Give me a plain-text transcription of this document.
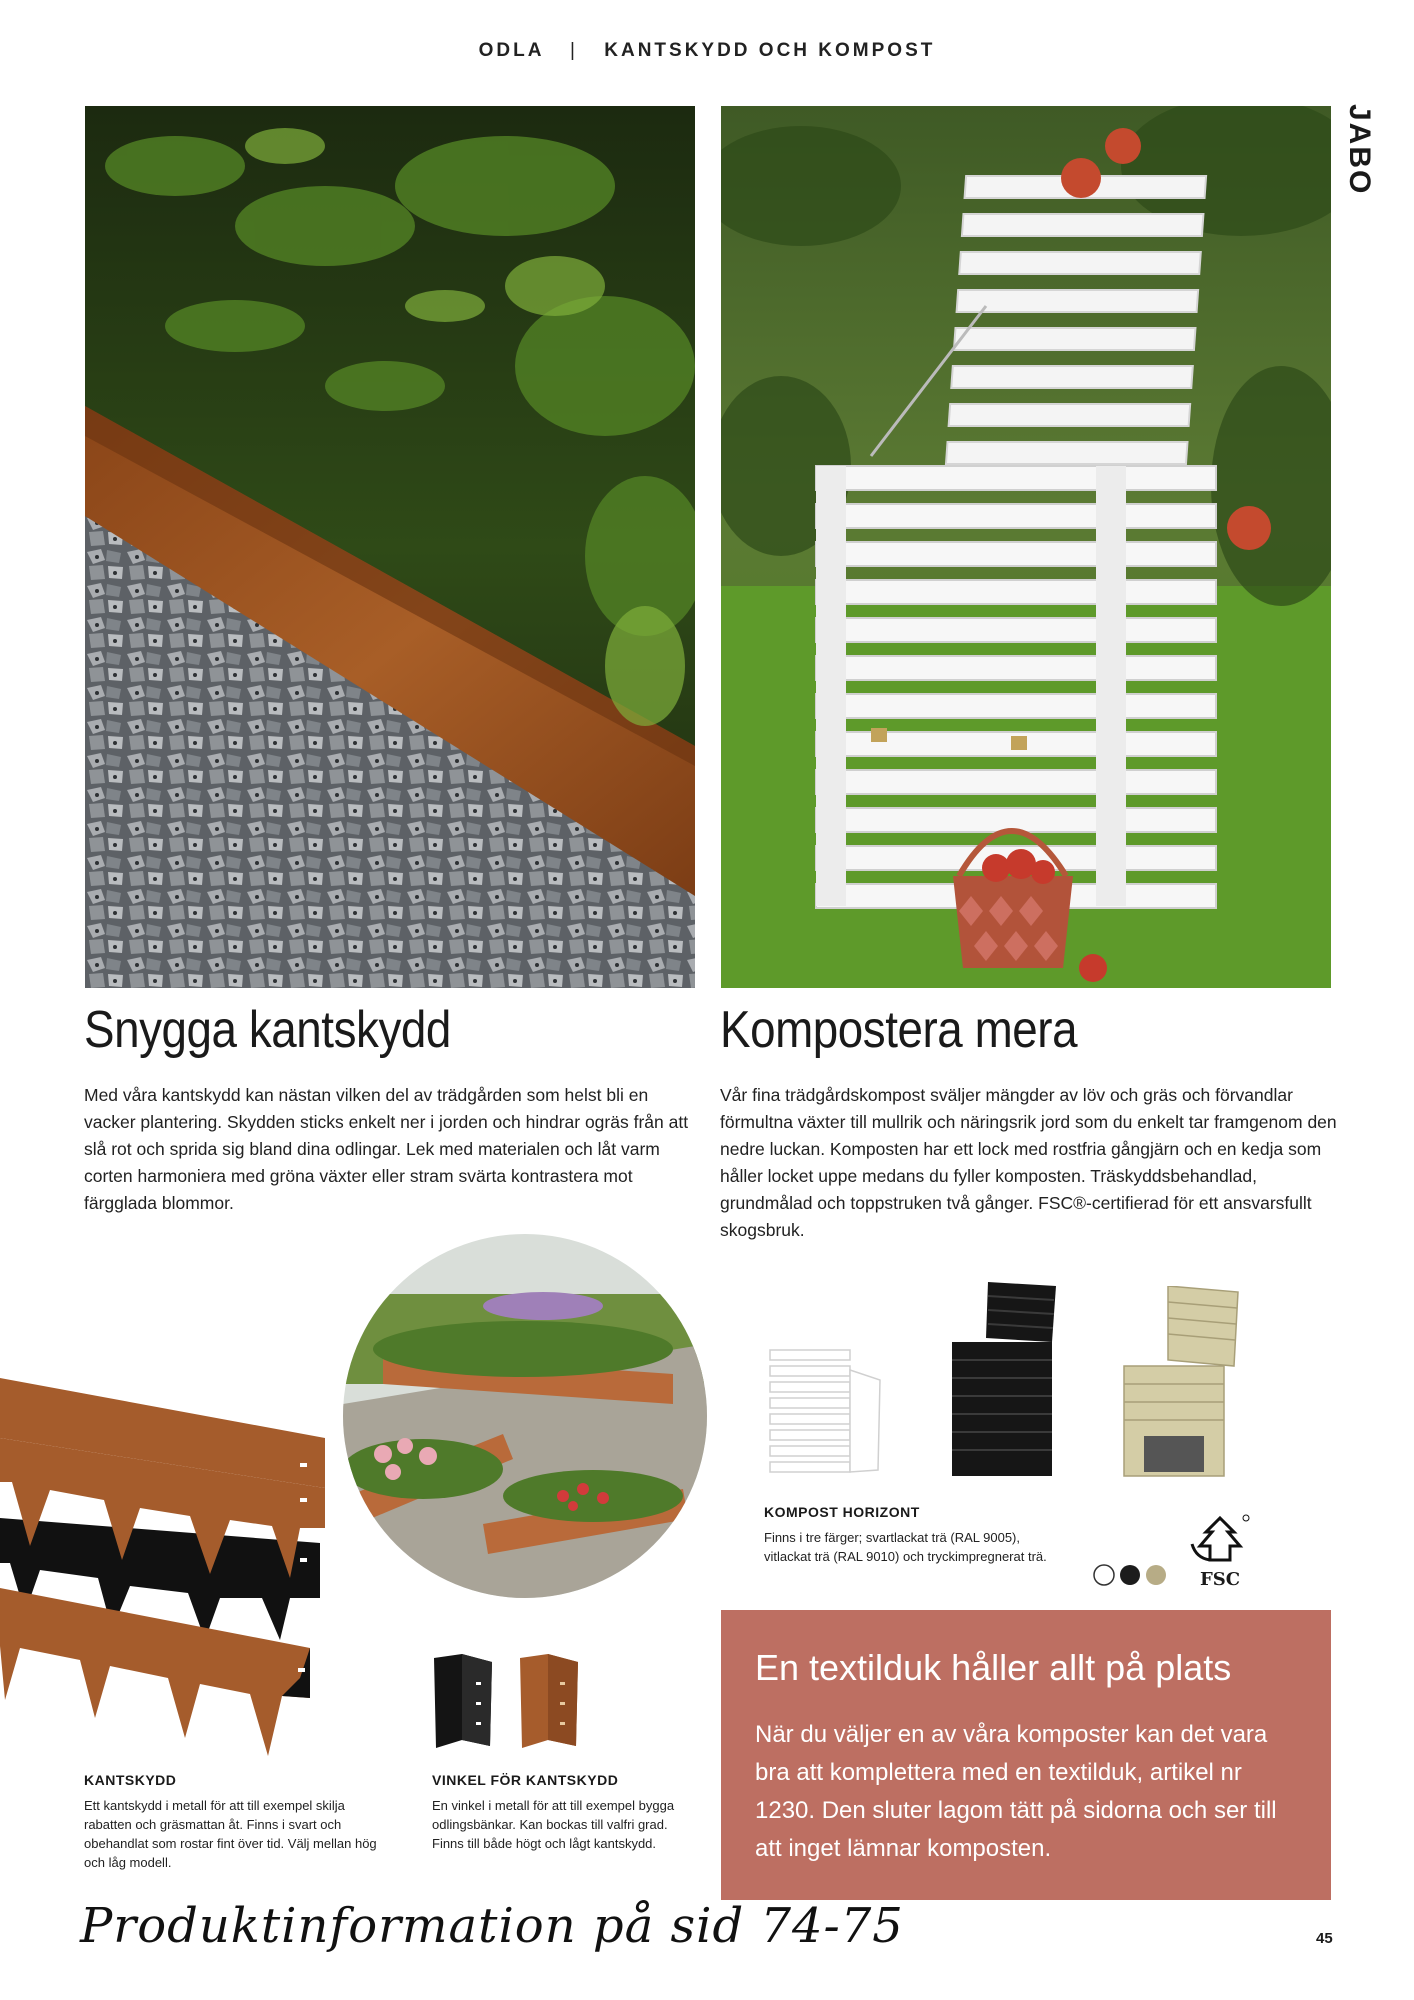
ODLA | KANTSKYDD OCH KOMPOST
JABO
Snygga kantskydd
Med våra kantskydd kan nästan vilken del av trädgården som helst bli en vacker plantering. Skydden sticks enkelt ner i jorden och hindrar ogräs från att slå rot och sprida sig bland dina odlingar. Lek med materialen och låt varm corten harmoniera med gröna växter eller stram svärta kontrastera mot färgglada blommor.
Kompostera mera
Vår fina trädgårdskompost sväljer mängder av löv och gräs och förvandlar förmultna växter till mullrik och näringsrik jord som du enkelt tar framgenom den nedre luckan. Komposten har ett lock med rostfria gångjärn och en kedja som håller locket uppe medans du fyller komposten. Träskyddsbehandlad, grundmålad och toppstruken två gånger. FSC®-certifierad för ett ansvarsfullt skogsbruk.
KOMPOST HORIZONT
Finns i tre färger; svartlackat trä (RAL 9005), vitlackat trä (RAL 9010) och tryckimpregnerat trä.
FSC
KANTSKYDD
Ett kantskydd i metall för att till exempel skilja rabatten och gräsmattan åt. Finns i svart och obehandlat som rostar fint över tid. Välj mellan hög och låg modell.
VINKEL FÖR KANTSKYDD
En vinkel i metall för att till exempel bygga odlingsbänkar. Kan bockas till valfri grad. Finns till både högt och lågt kantskydd.
En textilduk håller allt på plats
När du väljer en av våra komposter kan det vara bra att komplettera med en textilduk, artikel nr 1230. Den sluter lagom tätt på sidorna och ser till att inget lämnar komposten.
Produktinformation på sid 74-75	45
